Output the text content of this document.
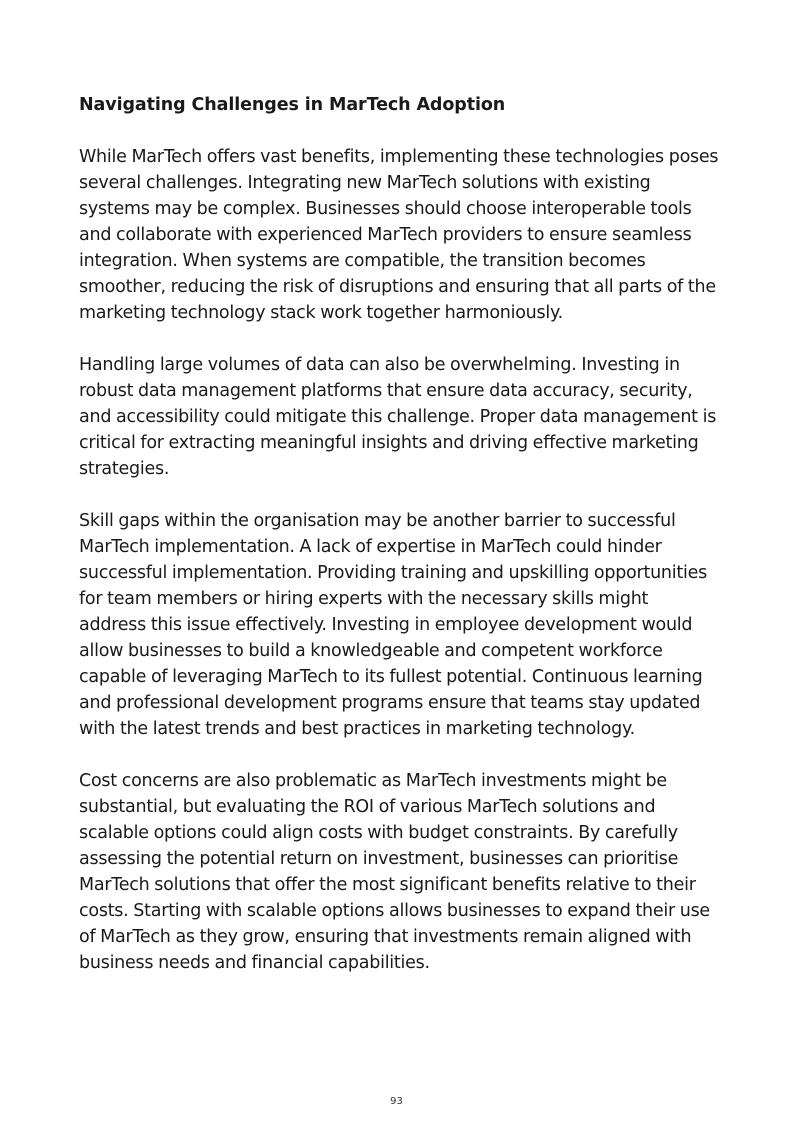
Navigating Challenges in MarTech Adoption

While MarTech offers vast benefits, implementing these technologies poses several challenges. Integrating new MarTech solutions with existing systems may be complex. Businesses should choose interoperable tools and collaborate with experienced MarTech providers to ensure seamless integration. When systems are compatible, the transition becomes smoother, reducing the risk of disruptions and ensuring that all parts of the marketing technology stack work together harmoniously.

Handling large volumes of data can also be overwhelming. Investing in robust data management platforms that ensure data accuracy, security, and accessibility could mitigate this challenge. Proper data management is critical for extracting meaningful insights and driving effective marketing strategies.

Skill gaps within the organisation may be another barrier to successful MarTech implementation. A lack of expertise in MarTech could hinder successful implementation. Providing training and upskilling opportunities for team members or hiring experts with the necessary skills might address this issue effectively. Investing in employee development would allow businesses to build a knowledgeable and competent workforce capable of leveraging MarTech to its fullest potential. Continuous learning and professional development programs ensure that teams stay updated with the latest trends and best practices in marketing technology.

Cost concerns are also problematic as MarTech investments might be substantial, but evaluating the ROI of various MarTech solutions and scalable options could align costs with budget constraints. By carefully assessing the potential return on investment, businesses can prioritise MarTech solutions that offer the most significant benefits relative to their costs. Starting with scalable options allows businesses to expand their use of MarTech as they grow, ensuring that investments remain aligned with business needs and financial capabilities.

93
